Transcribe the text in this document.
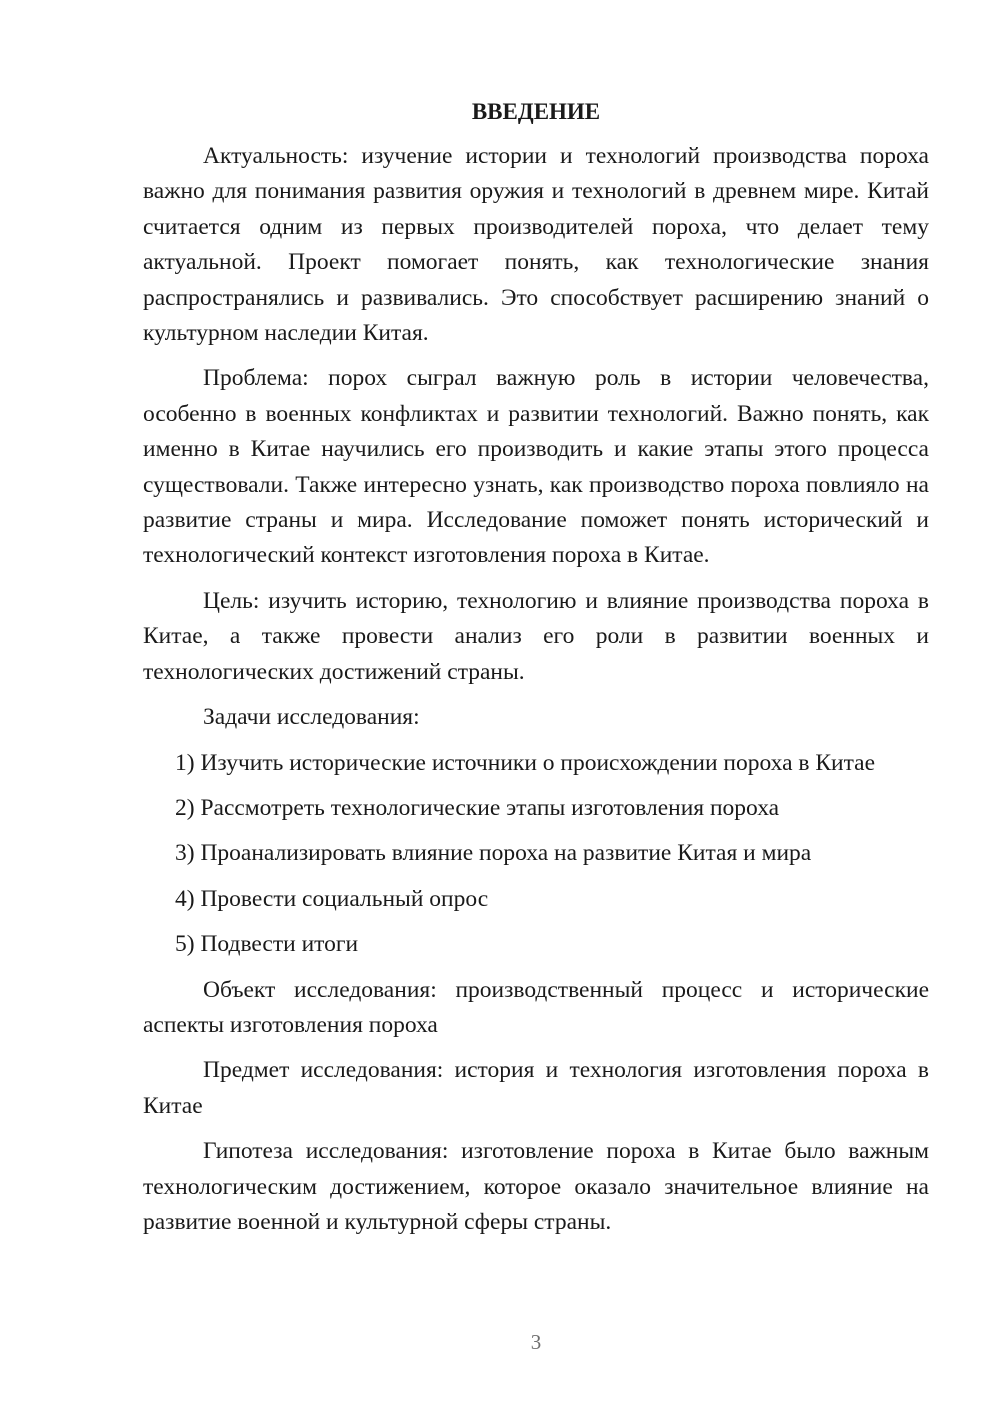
ВВЕДЕНИЕ

Актуальность: изучение истории и технологий производства пороха важно для понимания развития оружия и технологий в древнем мире. Китай считается одним из первых производителей пороха, что делает тему актуальной. Проект помогает понять, как технологические знания распространялись и развивались. Это способствует расширению знаний о культурном наследии Китая.

Проблема: порох сыграл важную роль в истории человечества, особенно в военных конфликтах и развитии технологий. Важно понять, как именно в Китае научились его производить и какие этапы этого процесса существовали. Также интересно узнать, как производство пороха повлияло на развитие страны и мира. Исследование поможет понять исторический и технологический контекст изготовления пороха в Китае.

Цель: изучить историю, технологию и влияние производства пороха в Китае, а также провести анализ его роли в развитии военных и технологических достижений страны.

Задачи исследования:

1) Изучить исторические источники о происхождении пороха в Китае
2) Рассмотреть технологические этапы изготовления пороха
3) Проанализировать влияние пороха на развитие Китая и мира
4) Провести социальный опрос
5) Подвести итоги

Объект исследования: производственный процесс и исторические аспекты изготовления пороха

Предмет исследования: история и технология изготовления пороха в Китае

Гипотеза исследования: изготовление пороха в Китае было важным технологическим достижением, которое оказало значительное влияние на развитие военной и культурной сферы страны.

3
